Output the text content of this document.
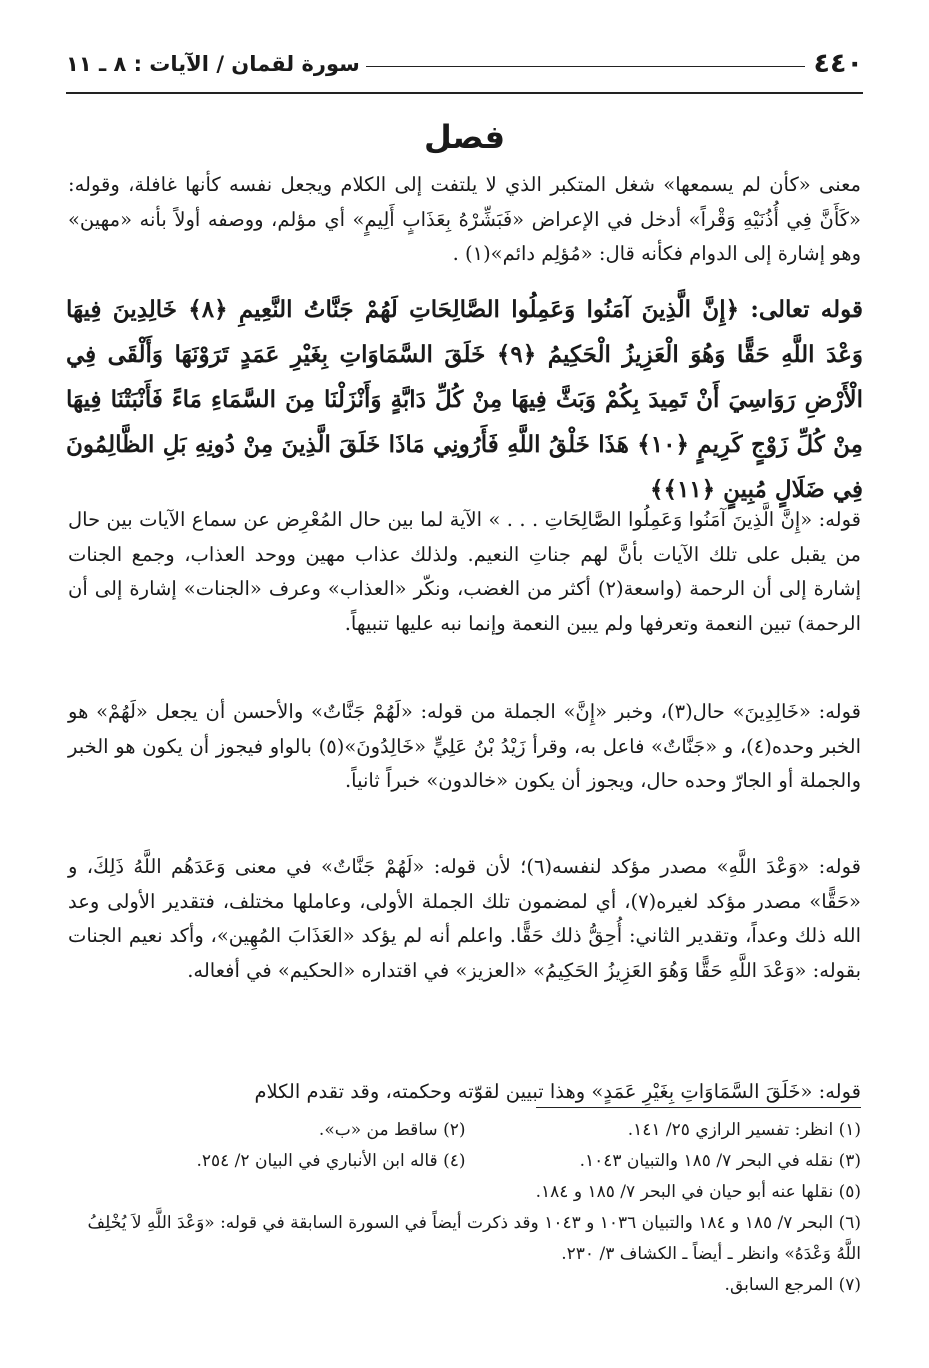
٤٤٠
سورة لقمان / الآيات : ٨ ـ ١١
فصل

معنى «كأن لم يسمعها» شغل المتكبر الذي لا يلتفت إلى الكلام ويجعل نفسه كأنها غافلة، وقوله: «كَأَنَّ فِي أُذُنَيْهِ وَقْراً» أدخل في الإعراض «فَبَشِّرْهُ بِعَذَابٍ أَلِيمٍ» أي مؤلم، ووصفه أولاً بأنه «مهين» وهو إشارة إلى الدوام فكأنه قال: «مُؤلِم دائم»(١) .

قوله تعالى: ﴿إِنَّ الَّذِينَ آمَنُوا وَعَمِلُوا الصَّالِحَاتِ لَهُمْ جَنَّاتُ النَّعِيمِ ﴿٨﴾ خَالِدِينَ فِيهَا وَعْدَ اللَّهِ حَقًّا وَهُوَ الْعَزِيزُ الْحَكِيمُ ﴿٩﴾ خَلَقَ السَّمَاوَاتِ بِغَيْرِ عَمَدٍ تَرَوْنَهَا وَأَلْقَى فِي الْأَرْضِ رَوَاسِيَ أَنْ تَمِيدَ بِكُمْ وَبَثَّ فِيهَا مِنْ كُلِّ دَابَّةٍ وَأَنْزَلْنَا مِنَ السَّمَاءِ مَاءً فَأَنْبَتْنَا فِيهَا مِنْ كُلِّ زَوْجٍ كَرِيمٍ ﴿١٠﴾ هَذَا خَلْقُ اللَّهِ فَأَرُونِي مَاذَا خَلَقَ الَّذِينَ مِنْ دُونِهِ بَلِ الظَّالِمُونَ فِي ضَلَالٍ مُبِينٍ ﴿١١﴾﴾

قوله: «إِنَّ الَّذِينَ آمَنُوا وَعَمِلُوا الصَّالِحَاتِ . . . » الآية لما بين حال المُعْرِض عن سماع الآيات بين حال من يقبل على تلك الآيات بأنَّ لهم جناتِ النعيم. ولذلك عذاب مهين ووحد العذاب، وجمع الجنات إشارة إلى أن الرحمة (واسعة(٢) أكثر من الغضب، ونكّر «العذاب» وعرف «الجنات» إشارة إلى أن الرحمة) تبين النعمة وتعرفها ولم يبين النعمة وإنما نبه عليها تنبيهاً.

قوله: «خَالِدِينَ» حال(٣)، وخبر «إِنَّ» الجملة من قوله: «لَهُمْ جَنَّاتٌ» والأحسن أن يجعل «لَهُمْ» هو الخبر وحده(٤)، و «جَنَّاتٌ» فاعل به، وقرأ زَيْدُ بْنُ عَلِيٍّ «خَالِدُونَ»(٥) بالواو فيجوز أن يكون هو الخبر والجملة أو الجارّ وحده حال، ويجوز أن يكون «خالدون» خبراً ثانياً.

قوله: «وَعْدَ اللَّهِ» مصدر مؤكد لنفسه(٦)؛ لأن قوله: «لَهُمْ جَنَّاتٌ» في معنى وَعَدَهُم اللَّهُ ذَلِكَ، و «حَقًّا» مصدر مؤكد لغيره(٧)، أي لمضمون تلك الجملة الأولى، وعاملها مختلف، فتقدير الأولى وعد الله ذلك وعداً، وتقدير الثاني: أُحِقُّ ذلك حَقًّا. واعلم أنه لم يؤكد «العَذَابَ المُهِين»، وأكد نعيم الجنات بقوله: «وَعْدَ اللَّهِ حَقًّا وَهُوَ العَزِيزُ الحَكِيمُ» «العزيز» في اقتداره «الحكيم» في أفعاله.

قوله: «خَلَقَ السَّمَاوَاتِ بِغَيْرِ عَمَدٍ» وهذا تبيين لقوّته وحكمته، وقد تقدم الكلام

(١) انظر: تفسير الرازي ٢٥/ ١٤١.
(٢) ساقط من «ب».
(٣) نقله في البحر ٧/ ١٨٥ والتبيان ١٠٤٣.
(٤) قاله ابن الأنباري في البيان ٢/ ٢٥٤.
(٥) نقلها عنه أبو حيان في البحر ٧/ ١٨٥ و ١٨٤.
(٦) البحر ٧/ ١٨٥ و ١٨٤ والتبيان ١٠٣٦ و ١٠٤٣ وقد ذكرت أيضاً في السورة السابقة في قوله: «وَعْدَ اللَّهِ لاَ يُخْلِفُ اللَّهُ وَعْدَهُ» وانظر ـ أيضاً ـ الكشاف ٣/ ٢٣٠.
(٧) المرجع السابق.
